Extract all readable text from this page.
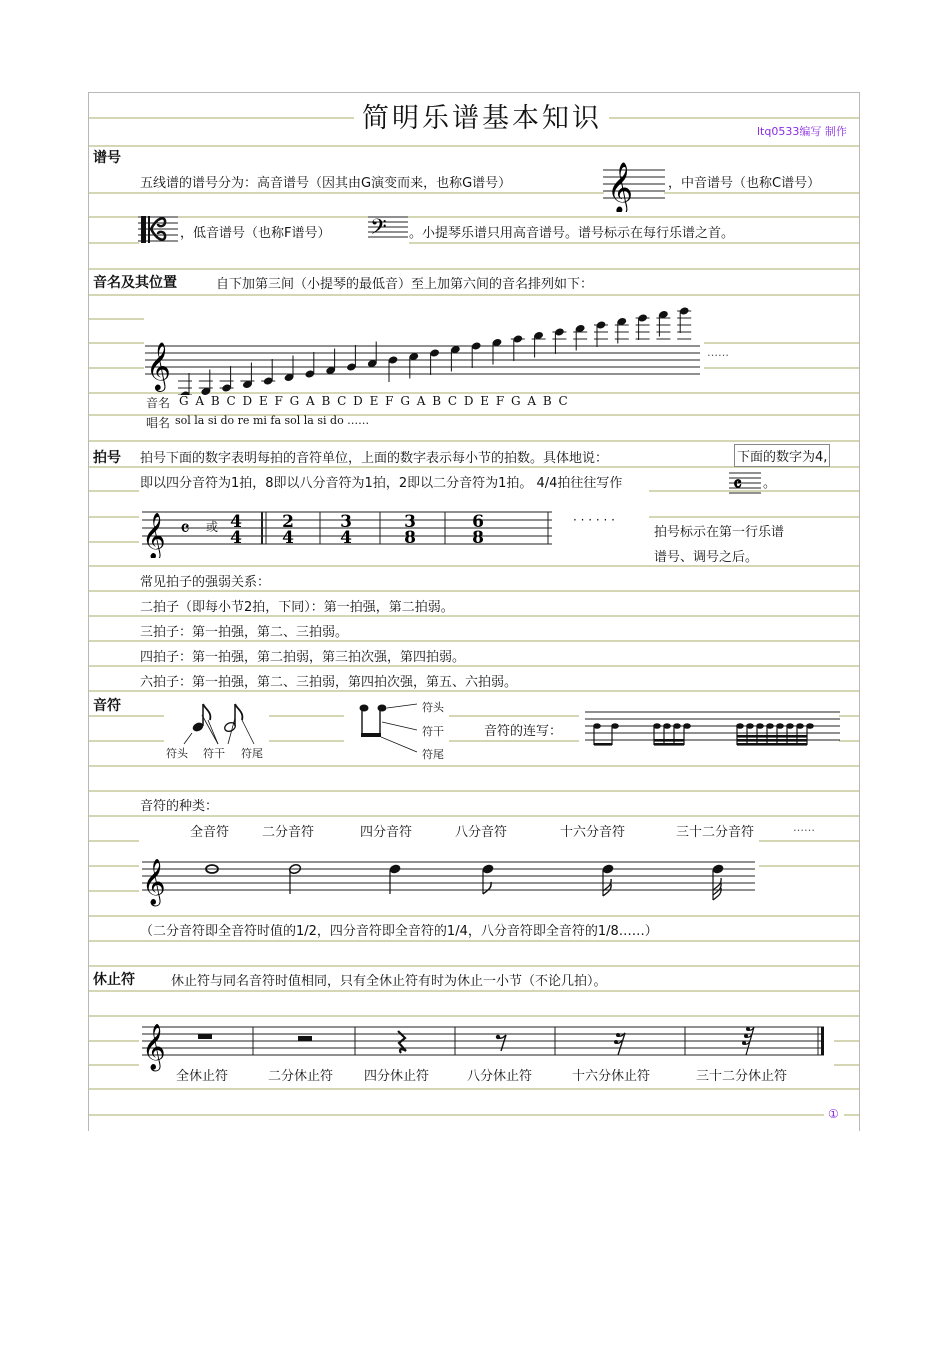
简明乐谱基本知识	ltq0533编写 制作
谱号
五线谱的谱号分为：高音谱号（因其由G演变而来，也称G谱号） 𝄞	，中音谱号（也称C谱号）
，低音谱号（也称F谱号） 𝄢 。小提琴乐谱只用高音谱号。谱号标示在每行乐谱之首。
音名及其位置	自下加第三间（小提琴的最低音）至上加第六间的音名排列如下：
𝄞	……
音名 G A B C D E F G A B C D E F G A B C D E F G A B C
唱名 sol la si do re mi fa sol la si do ……
拍号 拍号下面的数字表明每拍的音符单位，上面的数字表示每小节的拍数。具体地说：	下面的数字为4,
即以四分音符为1拍，8即以八分音符为1拍，2即以二分音符为1拍。 4/4拍往往写作	𝄴 。
𝄞 𝄴 4
4
2
4
3
4
3
8
6
8
或	· · · · · ·
拍号标示在第一行乐谱
谱号、调号之后。
常见拍子的强弱关系：
二拍子（即每小节2拍，下同）：第一拍强，第二拍弱。
三拍子：第一拍强，第二、三拍弱。
四拍子：第一拍强，第二拍弱，第三拍次强，第四拍弱。
六拍子：第一拍强，第二、三拍弱，第四拍次强，第五、六拍弱。
音符
符头 符干 符尾
符头
符干
符尾
音符的连写：
音符的种类：
全音符	二分音符	四分音符	八分音符	十六分音符	三十二分音符	……
𝄞
（二分音符即全音符时值的1/2，四分音符即全音符的1/4，八分音符即全音符的1/8……）
休止符	休止符与同名音符时值相同，只有全休止符有时为休止一小节（不论几拍）。
𝄞
全休止符	二分休止符 四分休止符	八分休止符	十六分休止符	三十二分休止符
①
